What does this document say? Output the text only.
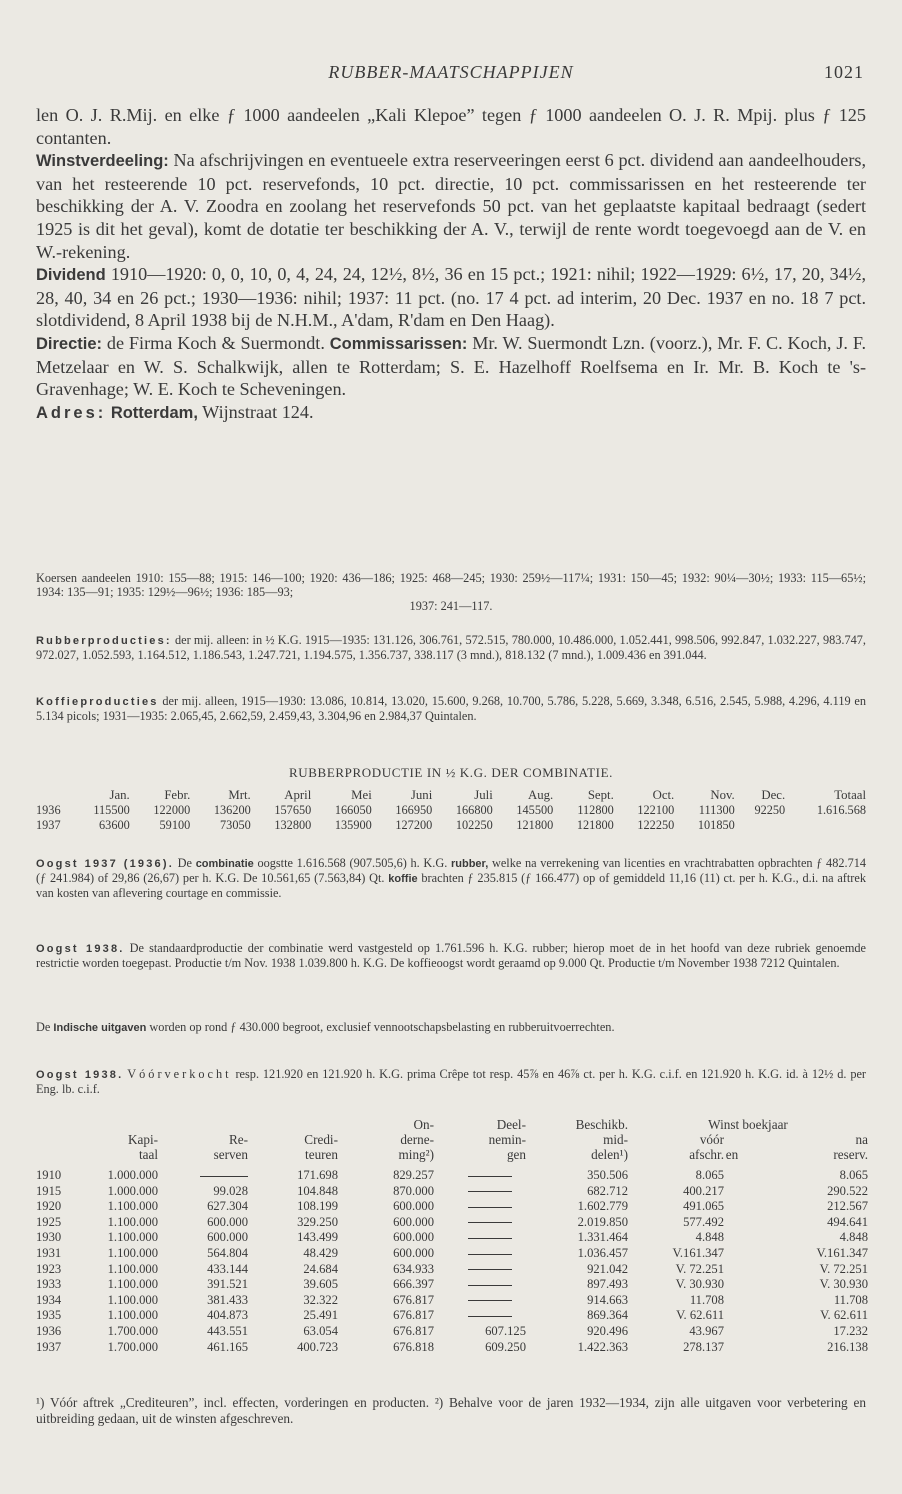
RUBBER-MAATSCHAPPIJEN	1021

len O. J. R.Mij. en elke ƒ 1000 aandeelen „Kali Klepoe” tegen ƒ 1000 aandeelen O. J. R. Mpij. plus ƒ 125 contanten.

Winstverdeeling: Na afschrijvingen en eventueele extra reserveeringen eerst 6 pct. dividend aan aandeelhouders, van het resteerende 10 pct. reservefonds, 10 pct. directie, 10 pct. commissarissen en het resteerende ter beschikking der A. V. Zoodra en zoolang het reservefonds 50 pct. van het geplaatste kapitaal bedraagt (sedert 1925 is dit het geval), komt de dotatie ter beschikking der A. V., terwijl de rente wordt toegevoegd aan de V. en W.-rekening.

Dividend 1910—1920: 0, 0, 10, 0, 4, 24, 24, 12½, 8½, 36 en 15 pct.; 1921: nihil; 1922—1929: 6½, 17, 20, 34½, 28, 40, 34 en 26 pct.; 1930—1936: nihil; 1937: 11 pct. (no. 17 4 pct. ad interim, 20 Dec. 1937 en no. 18 7 pct. slotdividend, 8 April 1938 bij de N.H.M., A'dam, R'dam en Den Haag).

Directie: de Firma Koch & Suermondt. Commissarissen: Mr. W. Suermondt Lzn. (voorz.), Mr. F. C. Koch, J. F. Metzelaar en W. S. Schalkwijk, allen te Rotterdam; S. E. Hazelhoff Roelfsema en Ir. Mr. B. Koch te 's-Gravenhage; W. E. Koch te Scheveningen.

Adres: Rotterdam, Wijnstraat 124.

Koersen aandeelen 1910: 155—88; 1915: 146—100; 1920: 436—186; 1925: 468—245; 1930: 259½—117¼; 1931: 150—45; 1932: 90¼—30½; 1933: 115—65½; 1934: 135—91; 1935: 129½—96½; 1936: 185—93;

1937: 241—117.

Rubberproducties: der mij. alleen: in ½ K.G. 1915—1935: 131.126, 306.761, 572.515, 780.000, 10.486.000, 1.052.441, 998.506, 992.847, 1.032.227, 983.747, 972.027, 1.052.593, 1.164.512, 1.186.543, 1.247.721, 1.194.575, 1.356.737, 338.117 (3 mnd.), 818.132 (7 mnd.), 1.009.436 en 391.044.

Koffieproducties der mij. alleen, 1915—1930: 13.086, 10.814, 13.020, 15.600, 9.268, 10.700, 5.786, 5.228, 5.669, 3.348, 6.516, 2.545, 5.988, 4.296, 4.119 en 5.134 picols; 1931—1935: 2.065,45, 2.662,59, 2.459,43, 3.304,96 en 2.984,37 Quintalen.

RUBBERPRODUCTIE IN ½ K.G. DER COMBINATIE.
	Jan.	Febr.	Mrt.	April	Mei	Juni	Juli	Aug.	Sept.	Oct.	Nov.	Dec.	Totaal
1936	115500	122000	136200	157650	166050	166950	166800	145500	112800	122100	111300	92250	1.616.568
1937	63600	59100	73050	132800	135900	127200	102250	121800	121800	122250	101850		

Oogst 1937 (1936). De combinatie oogstte 1.616.568 (907.505,6) h. K.G. rubber, welke na verrekening van licenties en vrachtrabatten opbrachten ƒ 482.714 (ƒ 241.984) of 29,86 (26,67) per h. K.G. De 10.561,65 (7.563,84) Qt. koffie brachten ƒ 235.815 (ƒ 166.477) op of gemiddeld 11,16 (11) ct. per h. K.G., d.i. na aftrek van kosten van aflevering courtage en commissie.

Oogst 1938. De standaardproductie der combinatie werd vastgesteld op 1.761.596 h. K.G. rubber; hierop moet de in het hoofd van deze rubriek genoemde restrictie worden toegepast. Productie t/m Nov. 1938 1.039.800 h. K.G. De koffieoogst wordt geraamd op 9.000 Qt. Productie t/m November 1938 7212 Quintalen.

De Indische uitgaven worden op rond ƒ 430.000 begroot, exclusief vennootschapsbelasting en rubberuitvoerrechten.

Oogst 1938. Vóórverkocht resp. 121.920 en 121.920 h. K.G. prima Crêpe tot resp. 45⅞ en 46⅞ ct. per h. K.G. c.i.f. en 121.920 h. K.G. id. à 12½ d. per Eng. lb. c.i.f.

				On-	Deel-	Beschikb.	Winst boekjaar		
	Kapi-	Re-	Credi-	derne-	nemin-	mid-	vóór		na
	taal	serven	teuren	ming²)	gen	delen¹)	afschr.	en	reserv.

1910	1.000.000		171.698	829.257		350.506	8.065		8.065
1915	1.000.000	99.028	104.848	870.000		682.712	400.217		290.522
1920	1.100.000	627.304	108.199	600.000		1.602.779	491.065		212.567
1925	1.100.000	600.000	329.250	600.000		2.019.850	577.492		494.641
1930	1.100.000	600.000	143.499	600.000		1.331.464	4.848		4.848
1931	1.100.000	564.804	48.429	600.000		1.036.457	V.161.347		V.161.347
1923	1.100.000	433.144	24.684	634.933		921.042	V. 72.251		V. 72.251
1933	1.100.000	391.521	39.605	666.397		897.493	V. 30.930		V. 30.930
1934	1.100.000	381.433	32.322	676.817		914.663	11.708		11.708
1935	1.100.000	404.873	25.491	676.817		869.364	V. 62.611		V. 62.611
1936	1.700.000	443.551	63.054	676.817	607.125	920.496	43.967		17.232
1937	1.700.000	461.165	400.723	676.818	609.250	1.422.363	278.137		216.138
¹) Vóór aftrek „Crediteuren”, incl. effecten, vorderingen en producten. ²) Behalve voor de jaren 1932—1934, zijn alle uitgaven voor verbetering en uitbreiding gedaan, uit de winsten afgeschreven.
